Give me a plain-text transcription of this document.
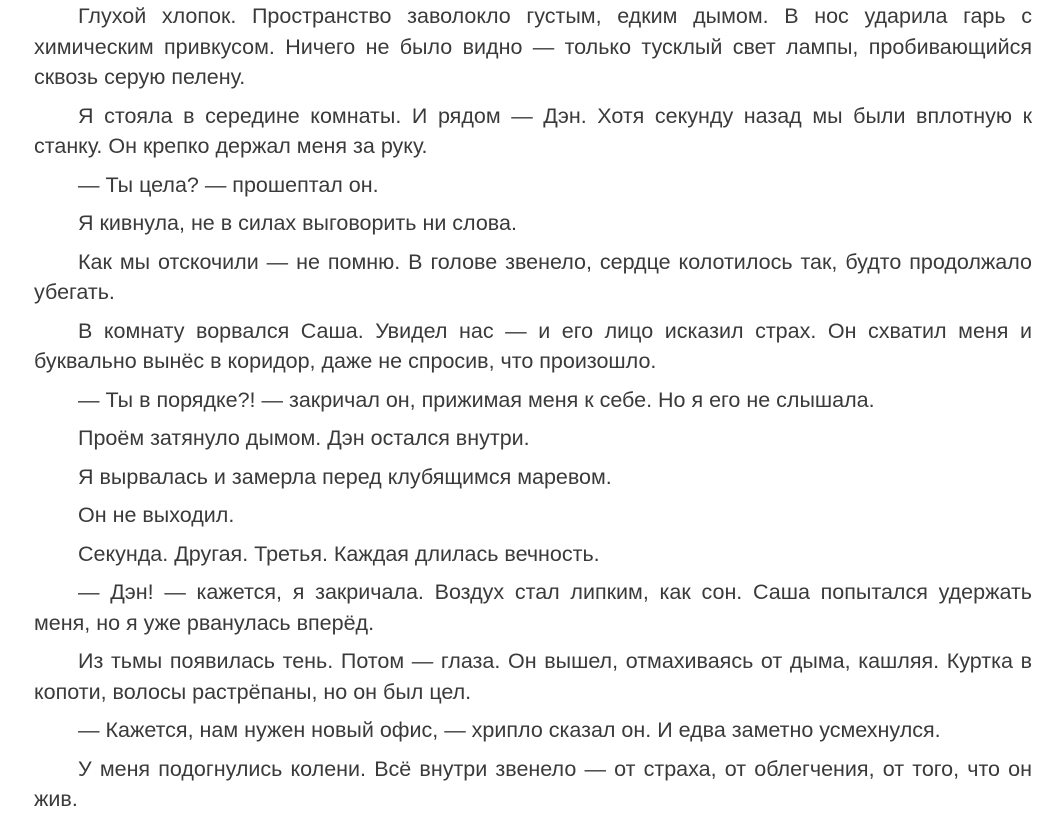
Глухой хлопок. Пространство заволокло густым, едким дымом. В нос ударила гарь с химическим привкусом. Ничего не было видно — только тусклый свет лампы, пробивающийся сквозь серую пелену.

Я стояла в середине комнаты. И рядом — Дэн. Хотя секунду назад мы были вплотную к станку. Он крепко держал меня за руку.

— Ты цела? — прошептал он.

Я кивнула, не в силах выговорить ни слова.

Как мы отскочили — не помню. В голове звенело, сердце колотилось так, будто продолжало убегать.

В комнату ворвался Саша. Увидел нас — и его лицо исказил страх. Он схватил меня и буквально вынёс в коридор, даже не спросив, что произошло.

— Ты в порядке?! — закричал он, прижимая меня к себе. Но я его не слышала.

Проём затянуло дымом. Дэн остался внутри.

Я вырвалась и замерла перед клубящимся маревом.

Он не выходил.

Секунда. Другая. Третья. Каждая длилась вечность.

— Дэн! — кажется, я закричала. Воздух стал липким, как сон. Саша попытался удержать меня, но я уже рванулась вперёд.

Из тьмы появилась тень. Потом — глаза. Он вышел, отмахиваясь от дыма, кашляя. Куртка в копоти, волосы растрёпаны, но он был цел.

— Кажется, нам нужен новый офис, — хрипло сказал он. И едва заметно усмехнулся.

У меня подогнулись колени. Всё внутри звенело — от страха, от облегчения, от того, что он жив.
